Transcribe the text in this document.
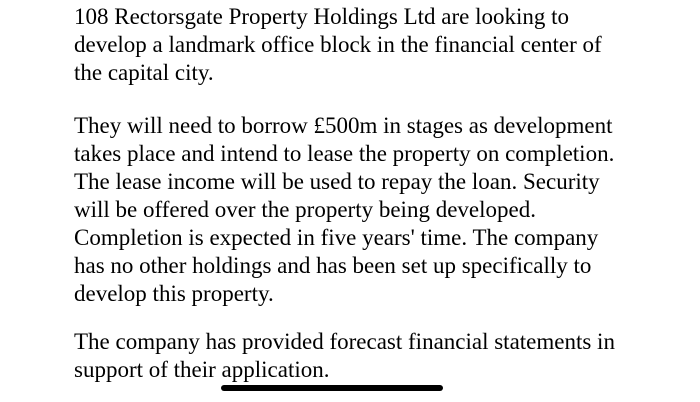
108 Rectorsgate Property Holdings Ltd are looking to
develop a landmark office block in the financial center of
the capital city.

They will need to borrow £500m in stages as development
takes place and intend to lease the property on completion.
The lease income will be used to repay the loan. Security
will be offered over the property being developed.
Completion is expected in five years' time. The company
has no other holdings and has been set up specifically to
develop this property.

The company has provided forecast financial statements in
support of their application.
